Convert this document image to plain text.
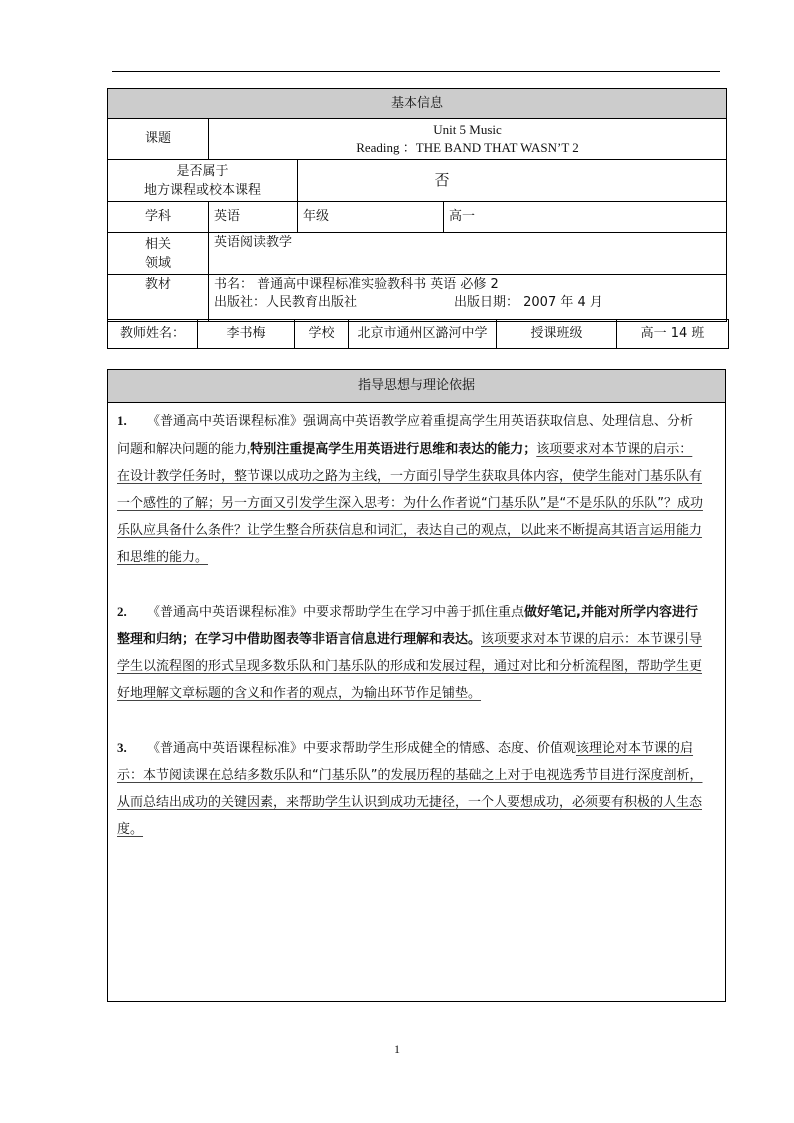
基本信息			
课题	Unit 5 Music
Reading ：THE BAND THAT WASN’T 2		

是否属于
地方课程或校本课程		否	
学科	英语	年级	高一

相关
领域	英语阅读教学		
教材	书名： 普通高中课程标准实验教科书 英语 必修 2
出版社：人民教育出版社 出版日期： 2007 年 4 月		
教师姓名：	李书梅	学校	北京市通州区潞河中学	授课班级	高一 14 班
指导思想与理论依据

1. 《普通高中英语课程标准》强调高中英语教学应着重提高学生用英语获取信息、处理信息、分析问题和解决问题的能力,特别注重提高学生用英语进行思维和表达的能力；该项要求对本节课的启示：在设计教学任务时，整节课以成功之路为主线，一方面引导学生获取具体内容，使学生能对门基乐队有一个感性的了解；另一方面又引发学生深入思考：为什么作者说“门基乐队”是“不是乐队的乐队”？成功乐队应具备什么条件？让学生整合所获信息和词汇，表达自己的观点，以此来不断提高其语言运用能力和思维的能力。

2. 《普通高中英语课程标准》中要求帮助学生在学习中善于抓住重点做好笔记,并能对所学内容进行整理和归纳；在学习中借助图表等非语言信息进行理解和表达。该项要求对本节课的启示：本节课引导学生以流程图的形式呈现多数乐队和门基乐队的形成和发展过程，通过对比和分析流程图，帮助学生更好地理解文章标题的含义和作者的观点，为输出环节作足铺垫。

3. 《普通高中英语课程标准》中要求帮助学生形成健全的情感、态度、价值观该理论对本节课的启示：本节阅读课在总结多数乐队和“门基乐队”的发展历程的基础之上对于电视选秀节目进行深度剖析，从而总结出成功的关键因素，来帮助学生认识到成功无捷径，一个人要想成功，必须要有积极的人生态度。

1
